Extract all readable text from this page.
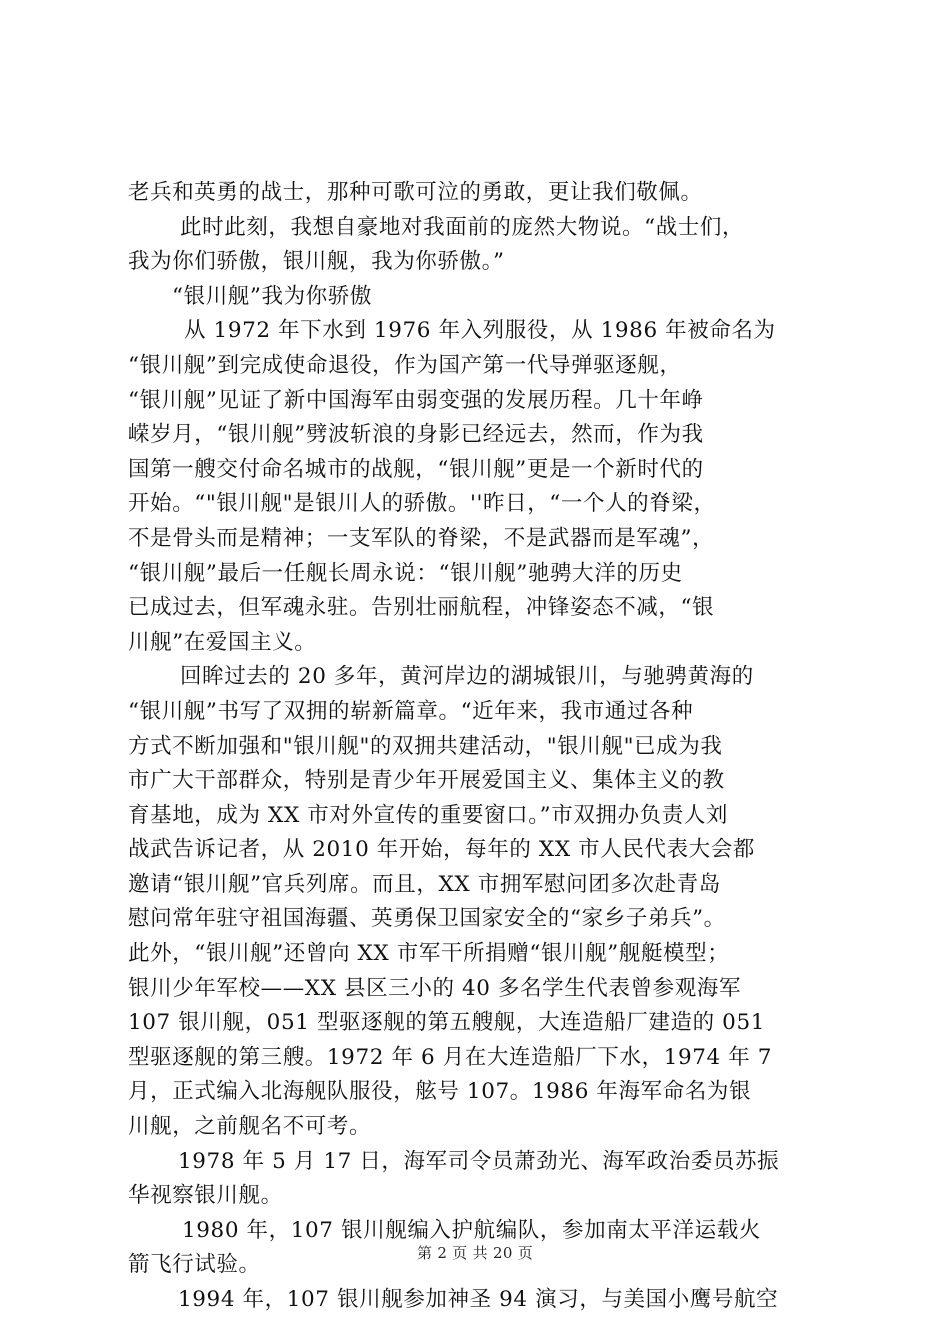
老兵和英勇的战士，那种可歌可泣的勇敢，更让我们敬佩。
此时此刻，我想自豪地对我面前的庞然大物说。“战士们，
我为你们骄傲，银川舰，我为你骄傲。”
“银川舰”我为你骄傲
从 1972 年下水到 1976 年入列服役，从 1986 年被命名为
“银川舰”到完成使命退役，作为国产第一代导弹驱逐舰，
“银川舰”见证了新中国海军由弱变强的发展历程。几十年峥
嵘岁月，“银川舰”劈波斩浪的身影已经远去，然而，作为我
国第一艘交付命名城市的战舰，“银川舰”更是一个新时代的
开始。“"银川舰"是银川人的骄傲。''昨日，“一个人的脊梁，
不是骨头而是精神；一支军队的脊梁，不是武器而是军魂”，
“银川舰”最后一任舰长周永说：“银川舰”驰骋大洋的历史
已成过去，但军魂永驻。告别壮丽航程，冲锋姿态不减，“银
川舰”在爱国主义。
回眸过去的 20 多年，黄河岸边的湖城银川，与驰骋黄海的
“银川舰”书写了双拥的崭新篇章。“近年来，我市通过各种
方式不断加强和"银川舰"的双拥共建活动，"银川舰"已成为我
市广大干部群众，特别是青少年开展爱国主义、集体主义的教
育基地，成为 XX 市对外宣传的重要窗口。”市双拥办负责人刘
战武告诉记者，从 2010 年开始，每年的 XX 市人民代表大会都
邀请“银川舰”官兵列席。而且，XX 市拥军慰问团多次赴青岛
慰问常年驻守祖国海疆、英勇保卫国家安全的“家乡子弟兵”。
此外，“银川舰”还曾向 XX 市军干所捐赠“银川舰”舰艇模型；
银川少年军校——XX 县区三小的 40 多名学生代表曾参观海军
107 银川舰，051 型驱逐舰的第五艘舰，大连造船厂建造的 051
型驱逐舰的第三艘。1972 年 6 月在大连造船厂下水，1974 年 7
月，正式编入北海舰队服役，舷号 107。1986 年海军命名为银
川舰，之前舰名不可考。
1978 年 5 月 17 日，海军司令员萧劲光、海军政治委员苏振
华视察银川舰。
1980 年，107 银川舰编入护航编队，参加南太平洋运载火
箭飞行试验。
1994 年，107 银川舰参加神圣 94 演习，与美国小鹰号航空
第 2 页 共 20 页
